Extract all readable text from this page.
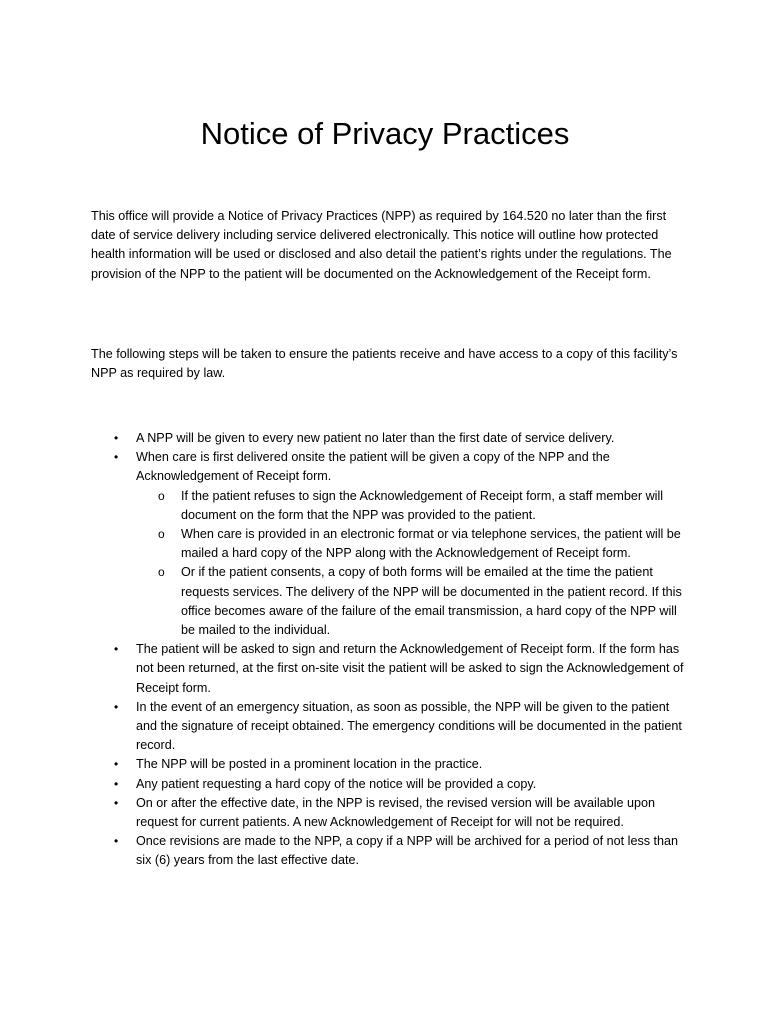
Notice of Privacy Practices

This office will provide a Notice of Privacy Practices (NPP) as required by 164.520 no later than the first date of service delivery including service delivered electronically. This notice will outline how protected health information will be used or disclosed and also detail the patient’s rights under the regulations. The provision of the NPP to the patient will be documented on the Acknowledgement of the Receipt form.

The following steps will be taken to ensure the patients receive and have access to a copy of this facility’s NPP as required by law.

• A NPP will be given to every new patient no later than the first date of service delivery.
• When care is first delivered onsite the patient will be given a copy of the NPP and the Acknowledgement of Receipt form.
o If the patient refuses to sign the Acknowledgement of Receipt form, a staff member will document on the form that the NPP was provided to the patient.
o When care is provided in an electronic format or via telephone services, the patient will be mailed a hard copy of the NPP along with the Acknowledgement of Receipt form.
o Or if the patient consents, a copy of both forms will be emailed at the time the patient requests services. The delivery of the NPP will be documented in the patient record. If this office becomes aware of the failure of the email transmission, a hard copy of the NPP will be mailed to the individual.
• The patient will be asked to sign and return the Acknowledgement of Receipt form. If the form has not been returned, at the first on-site visit the patient will be asked to sign the Acknowledgement of Receipt form.
• In the event of an emergency situation, as soon as possible, the NPP will be given to the patient and the signature of receipt obtained. The emergency conditions will be documented in the patient record.
• The NPP will be posted in a prominent location in the practice.
• Any patient requesting a hard copy of the notice will be provided a copy.
• On or after the effective date, in the NPP is revised, the revised version will be available upon request for current patients. A new Acknowledgement of Receipt for will not be required.
• Once revisions are made to the NPP, a copy if a NPP will be archived for a period of not less than six (6) years from the last effective date.
